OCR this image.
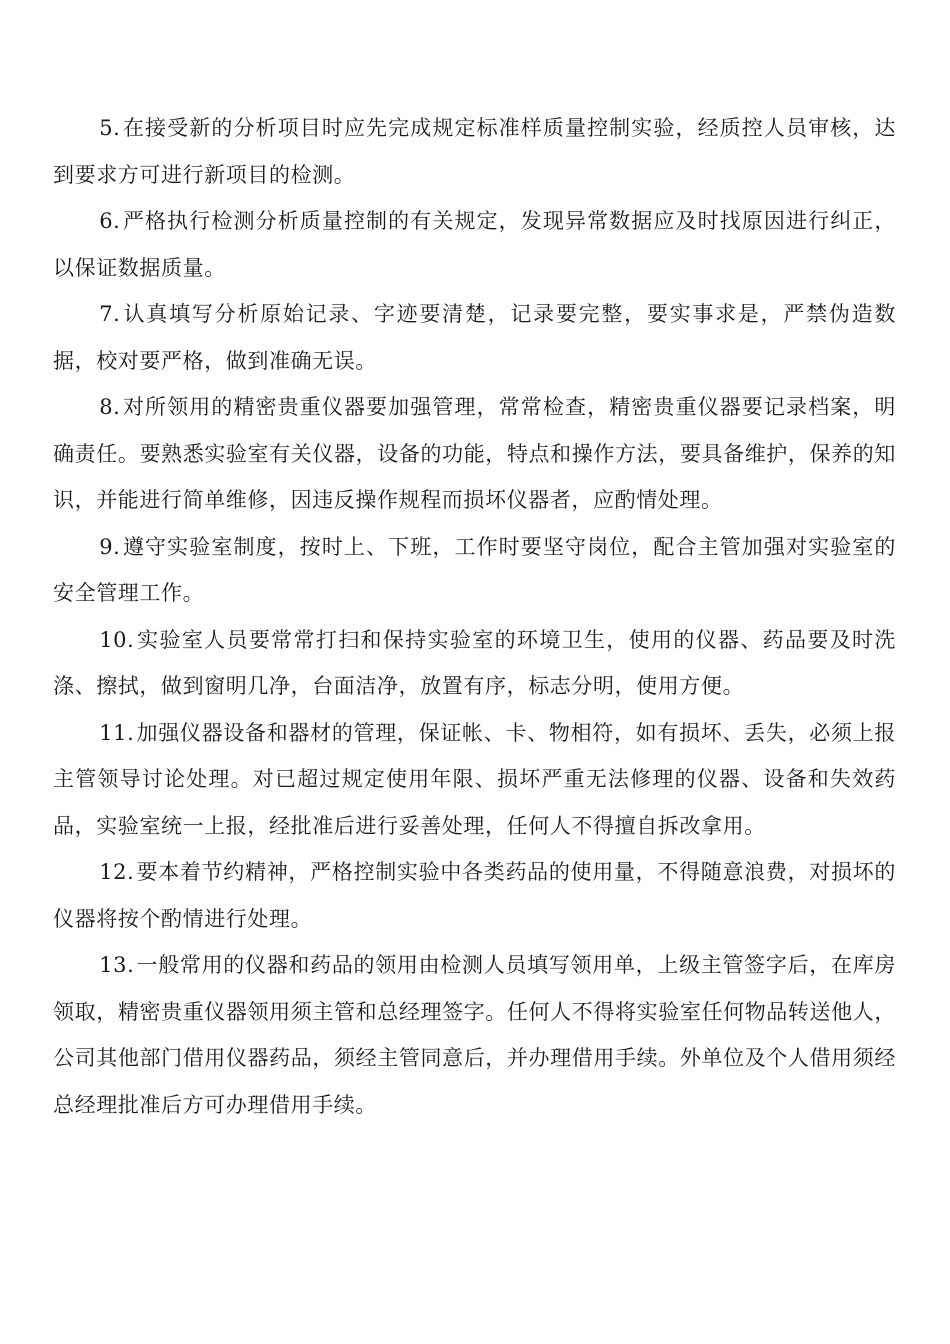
5.在接受新的分析项目时应先完成规定标准样质量控制实验，经质控人员审核，达到要求方可进行新项目的检测。

6.严格执行检测分析质量控制的有关规定，发现异常数据应及时找原因进行纠正，以保证数据质量。

7.认真填写分析原始记录、字迹要清楚，记录要完整，要实事求是，严禁伪造数据，校对要严格，做到准确无误。

8.对所领用的精密贵重仪器要加强管理，常常检查，精密贵重仪器要记录档案，明确责任。要熟悉实验室有关仪器，设备的功能，特点和操作方法，要具备维护，保养的知识，并能进行简单维修，因违反操作规程而损坏仪器者，应酌情处理。

9.遵守实验室制度，按时上、下班，工作时要坚守岗位，配合主管加强对实验室的安全管理工作。

10.实验室人员要常常打扫和保持实验室的环境卫生，使用的仪器、药品要及时洗涤、擦拭，做到窗明几净，台面洁净，放置有序，标志分明，使用方便。

11.加强仪器设备和器材的管理，保证帐、卡、物相符，如有损坏、丢失，必须上报主管领导讨论处理。对已超过规定使用年限、损坏严重无法修理的仪器、设备和失效药品，实验室统一上报，经批准后进行妥善处理，任何人不得擅自拆改拿用。

12.要本着节约精神，严格控制实验中各类药品的使用量，不得随意浪费，对损坏的仪器将按个酌情进行处理。

13.一般常用的仪器和药品的领用由检测人员填写领用单，上级主管签字后，在库房领取，精密贵重仪器领用须主管和总经理签字。任何人不得将实验室任何物品转送他人，公司其他部门借用仪器药品，须经主管同意后，并办理借用手续。外单位及个人借用须经总经理批准后方可办理借用手续。
